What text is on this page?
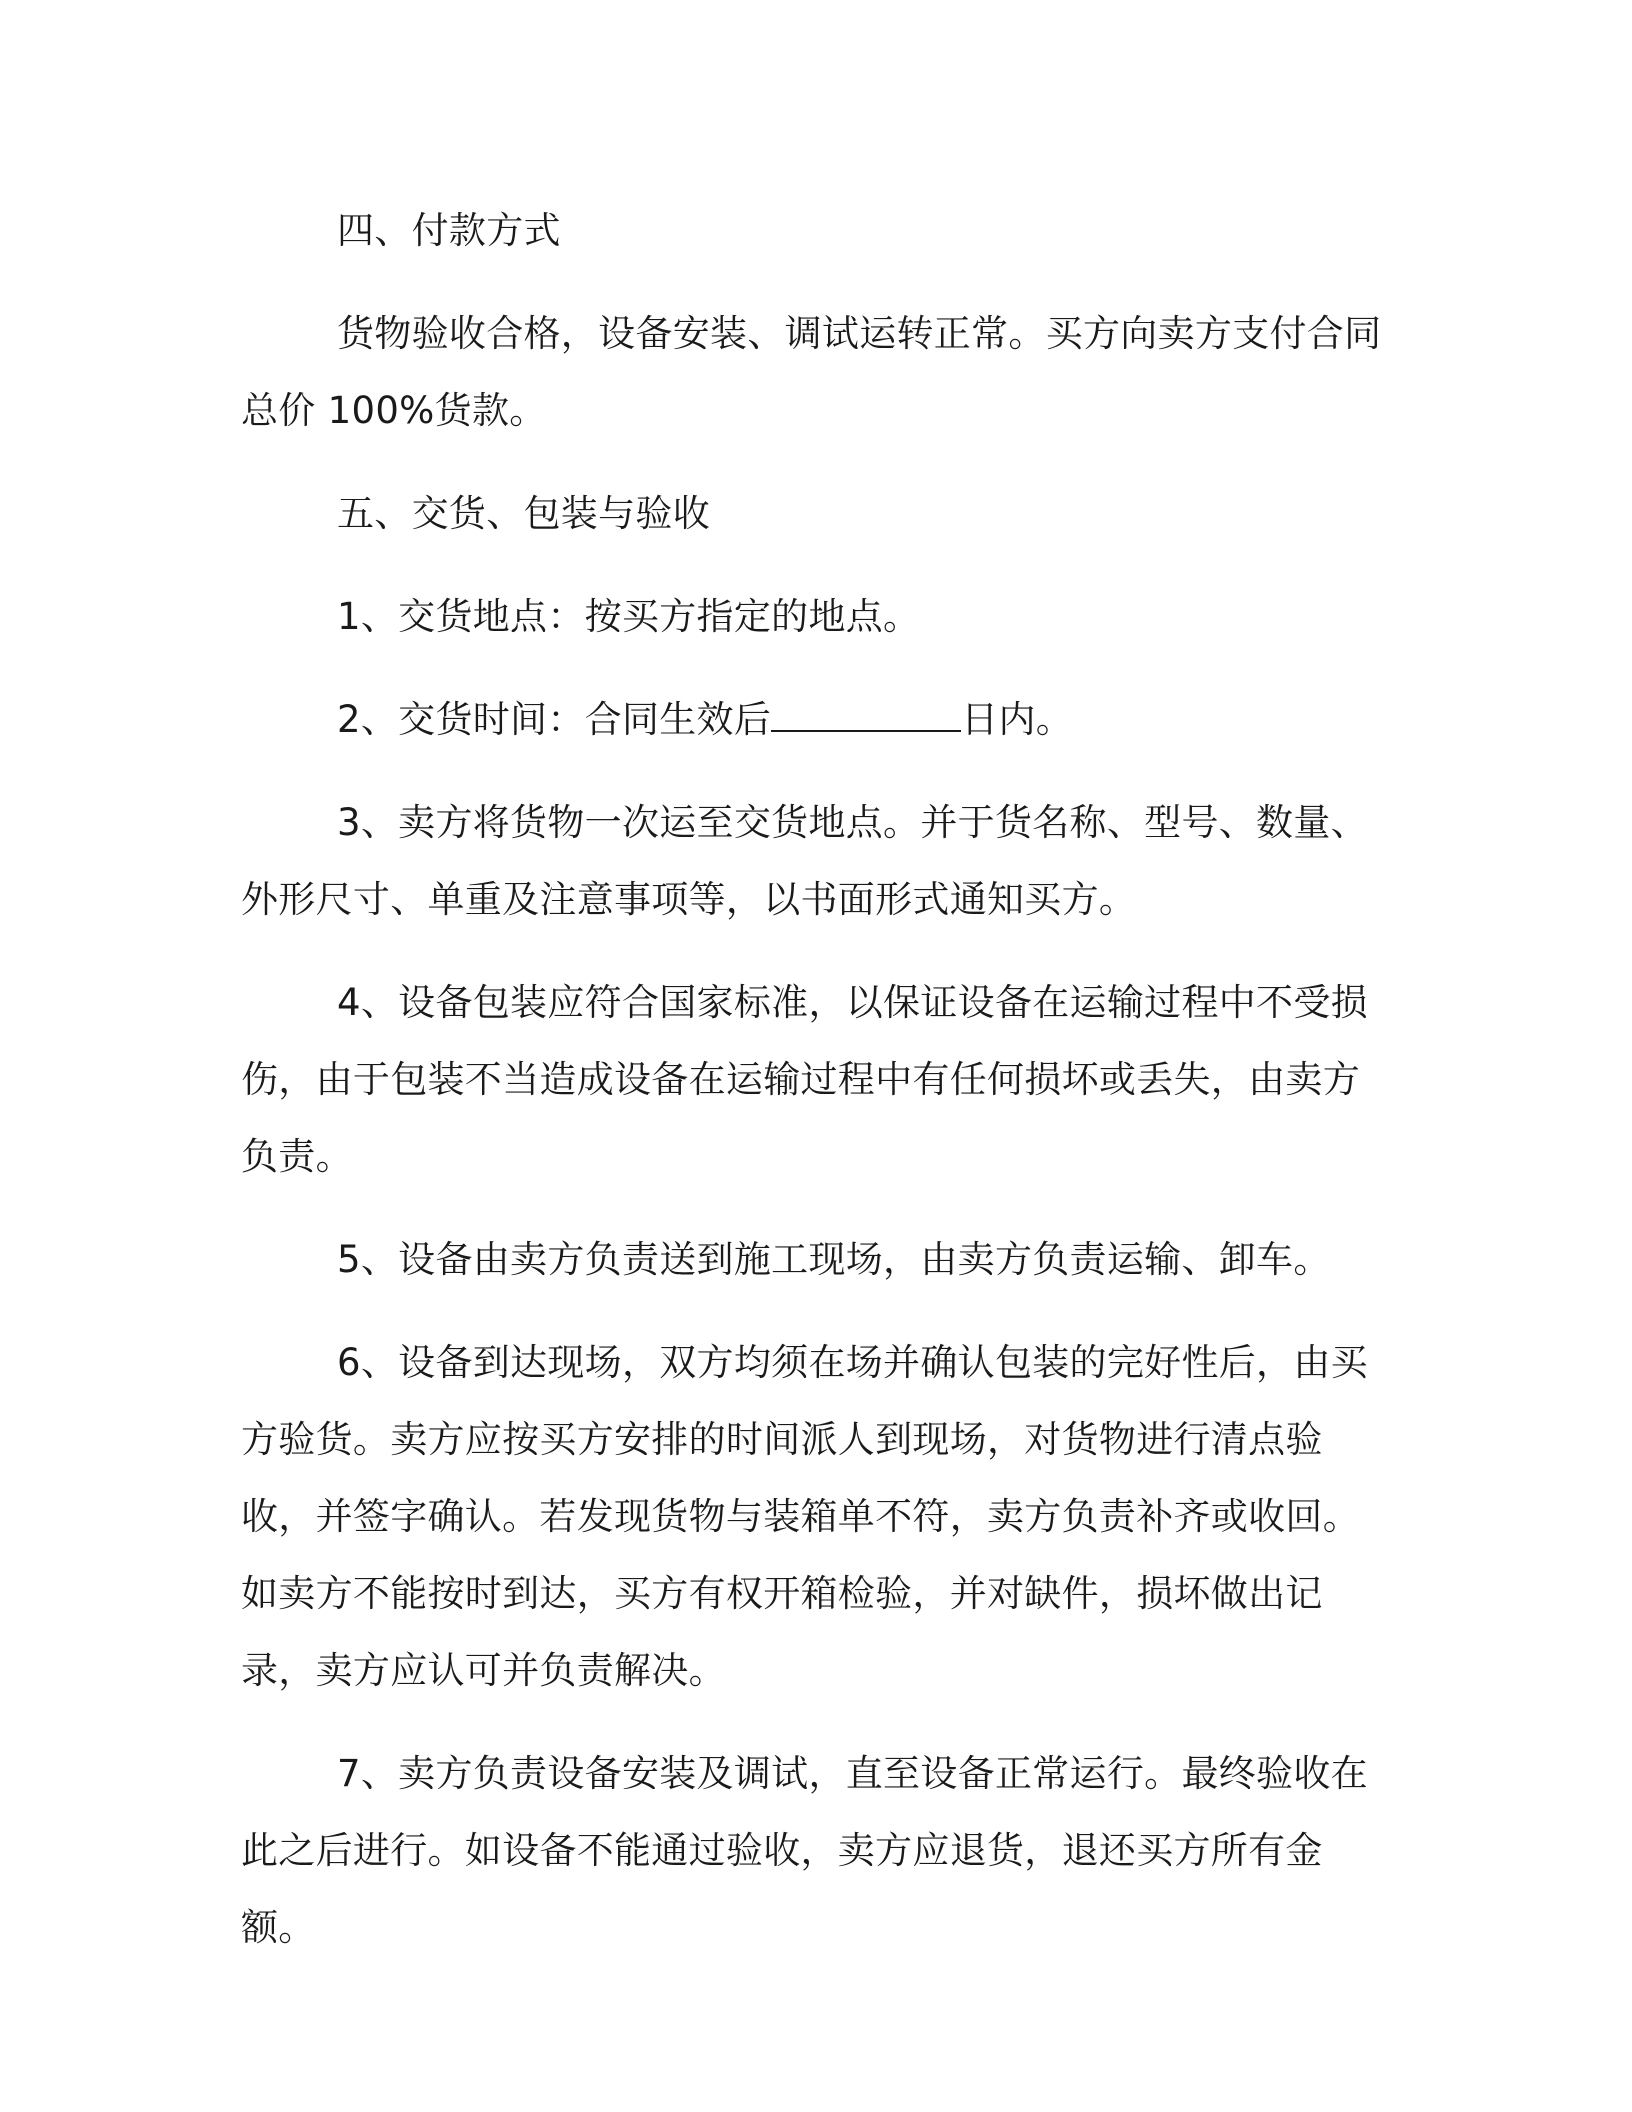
四、付款方式

货物验收合格，设备安装、调试运转正常。买方向卖方支付合同总价 100%货款。

五、交货、包装与验收

1、交货地点：按买方指定的地点。

2、交货时间：合同生效后	日内。

3、卖方将货物一次运至交货地点。并于货名称、型号、数量、外形尺寸、单重及注意事项等，以书面形式通知买方。

4、设备包装应符合国家标准，以保证设备在运输过程中不受损伤，由于包装不当造成设备在运输过程中有任何损坏或丢失，由卖方负责。

5、设备由卖方负责送到施工现场，由卖方负责运输、卸车。

6、设备到达现场，双方均须在场并确认包装的完好性后，由买方验货。卖方应按买方安排的时间派人到现场，对货物进行清点验收，并签字确认。若发现货物与装箱单不符，卖方负责补齐或收回。如卖方不能按时到达，买方有权开箱检验，并对缺件，损坏做出记录，卖方应认可并负责解决。

7、卖方负责设备安装及调试，直至设备正常运行。最终验收在此之后进行。如设备不能通过验收，卖方应退货，退还买方所有金额。
